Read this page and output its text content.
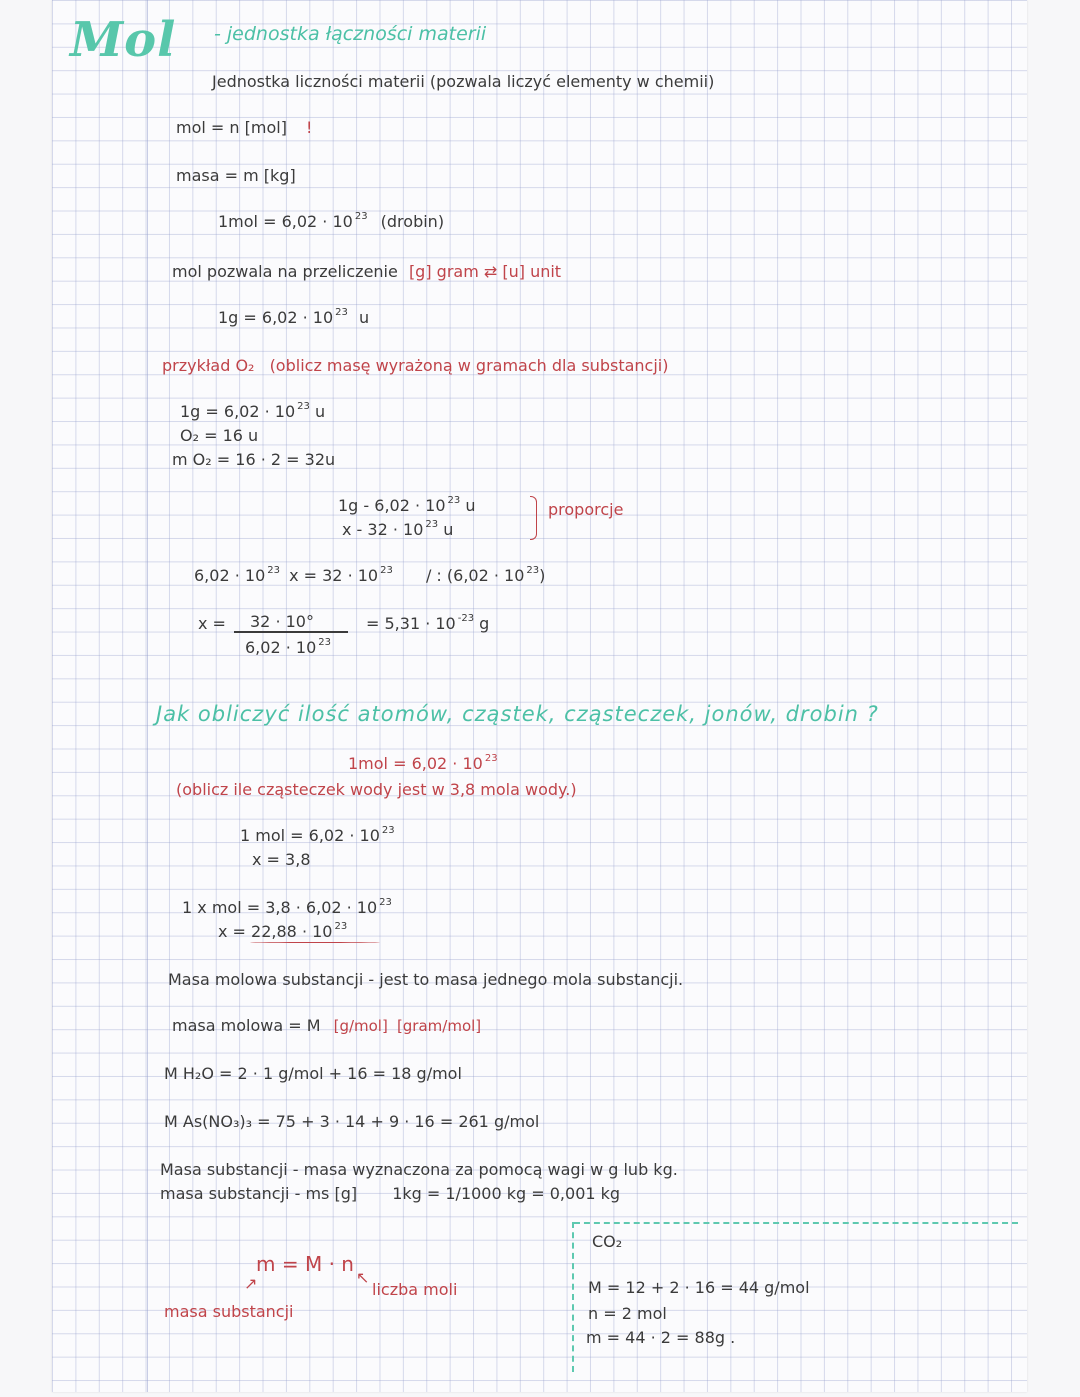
Mol - jednostka łączności materii
Jednostka liczności materii (pozwala liczyć elementy w chemii)
mol = n [mol] !
masa = m [kg]
1mol = 6,02 · 10 $^{23}$ (drobin)
mol pozwala na przeliczenie [g] gram ⇄ [u] unit
1g = 6,02 · 10 $^{23}$ u
przykład O₂ (oblicz masę wyrażoną w gramach dla substancji)
1g = 6,02 · 10 $^{23}$ u
O₂ = 16 u
m O₂ = 16 · 2 = 32u
1g - 6,02 · 10 $^{23}$ u
x - 32 · 10 $^{23}$ u
proporcje
6,02 · 10 $^{23}$ x = 32 · 10 $^{23}$ / : (6,02 · 10 $^{23}$)
x = 32 · 10°
6,02 · 10 $^{23}$
= 5,31 · 10 $^{-23}$ g
Jak obliczyć ilość atomów, cząstek, cząsteczek, jonów, drobin ?
1mol = 6,02 · 10 $^{23}$
(oblicz ile cząsteczek wody jest w 3,8 mola wody.)
1 mol = 6,02 · 10 $^{23}$
x = 3,8
1 x mol = 3,8 · 6,02 · 10 $^{23}$
x = 22,88 · 10 $^{23}$
Masa molowa substancji - jest to masa jednego mola substancji.
masa molowa = M [g/mol] [gram/mol]
M H₂O = 2 · 1 g/mol + 16 = 18 g/mol
M As(NO₃)₃ = 75 + 3 · 14 + 9 · 16 = 261 g/mol
Masa substancji - masa wyznaczona za pomocą wagi w g lub kg.
masa substancji - ms [g] 1kg = 1/1000 kg = 0,001 kg
m = M · n
↗	↖
liczba moli
masa substancji
CO₂
M = 12 + 2 · 16 = 44 g/mol
n = 2 mol
m = 44 · 2 = 88g .
